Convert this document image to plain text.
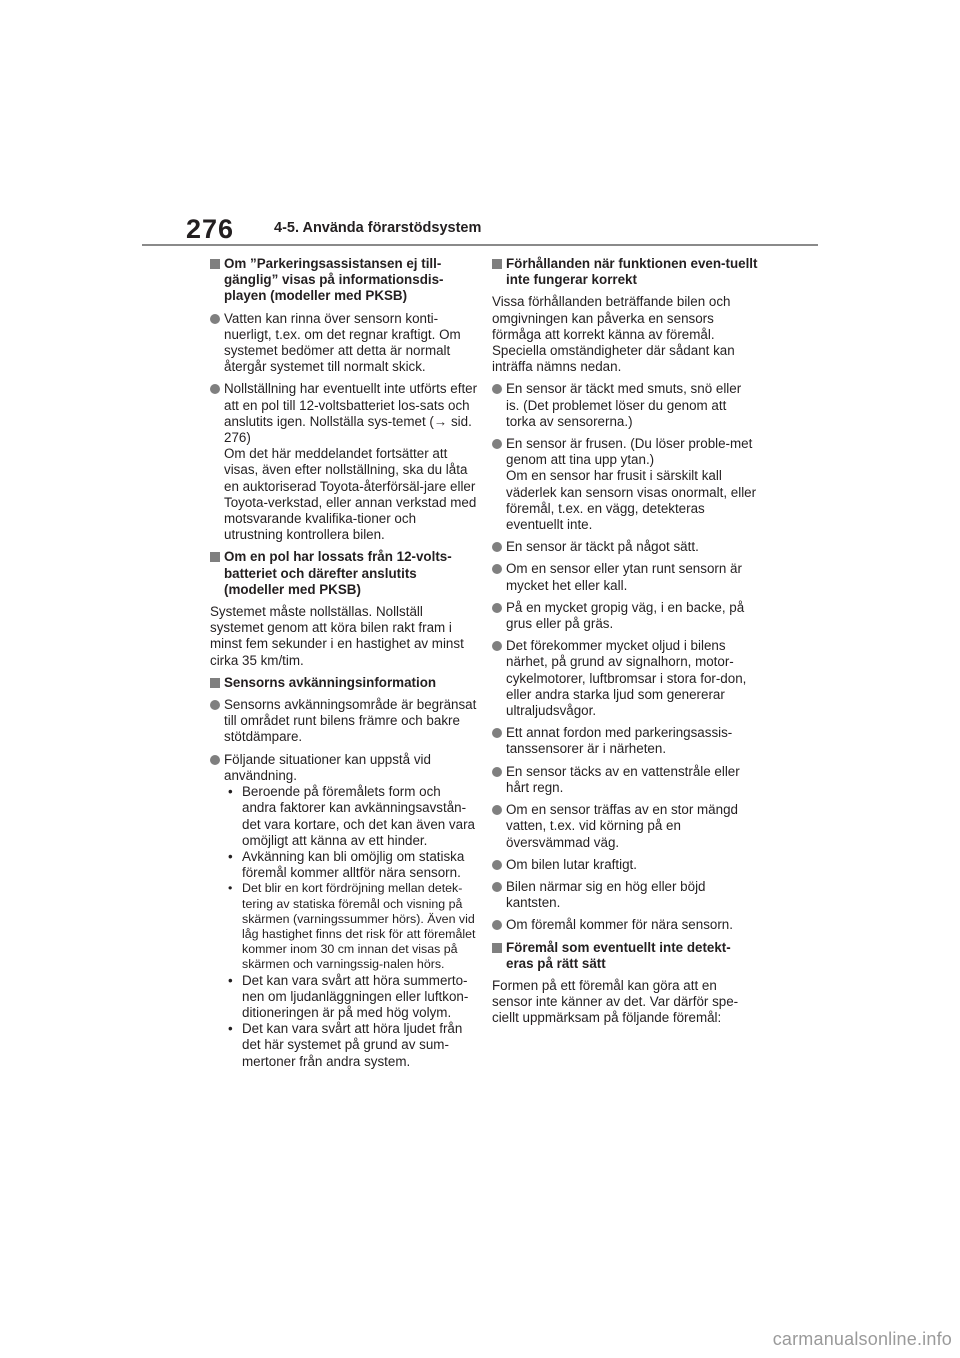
276	4-5. Använda förarstödsystem
Om ”Parkeringsassistansen ej till-gänglig” visas på informationsdis-playen (modeller med PKSB)
Vatten kan rinna över sensorn konti-nuerligt, t.ex. om det regnar kraftigt. Om systemet bedömer att detta är normalt återgår systemet till normalt skick.
Nollställning har eventuellt inte utförts efter att en pol till 12-voltsbatteriet los-sats och anslutits igen. Nollställa sys-temet (→ sid. 276)
Om det här meddelandet fortsätter att visas, även efter nollställning, ska du låta en auktoriserad Toyota-återförsäl-jare eller Toyota-verkstad, eller annan verkstad med motsvarande kvalifika-tioner och utrustning kontrollera bilen.
Om en pol har lossats från 12-volts-batteriet och därefter anslutits (modeller med PKSB)

Systemet måste nollställas. Nollställ systemet genom att köra bilen rakt fram i minst fem sekunder i en hastighet av minst cirka 35 km/tim.

Sensorns avkänningsinformation
Sensorns avkänningsområde är begränsat till området runt bilens främre och bakre stötdämpare.
Följande situationer kan uppstå vid användning.
• Beroende på föremålets form och andra faktorer kan avkänningsavstån-det vara kortare, och det kan även vara omöjligt att känna av ett hinder.
• Avkänning kan bli omöjlig om statiska föremål kommer alltför nära sensorn.
• Det blir en kort fördröjning mellan detek-tering av statiska föremål och visning på skärmen (varningssummer hörs). Även vid låg hastighet finns det risk för att föremålet kommer inom 30 cm innan det visas på skärmen och varningssig-nalen hörs.
• Det kan vara svårt att höra summerto-nen om ljudanläggningen eller luftkon-ditioneringen är på med hög volym.
• Det kan vara svårt att höra ljudet från det här systemet på grund av sum-mertoner från andra system.
Förhållanden när funktionen even-tuellt inte fungerar korrekt

Vissa förhållanden beträffande bilen och omgivningen kan påverka en sensors förmåga att korrekt känna av föremål. Speciella omständigheter där sådant kan inträffa nämns nedan.

En sensor är täckt med smuts, snö eller is. (Det problemet löser du genom att torka av sensorerna.)
En sensor är frusen. (Du löser proble-met genom att tina upp ytan.)
Om en sensor har frusit i särskilt kall väderlek kan sensorn visas onormalt, eller föremål, t.ex. en vägg, detekteras eventuellt inte.
En sensor är täckt på något sätt.
Om en sensor eller ytan runt sensorn är mycket het eller kall.
På en mycket gropig väg, i en backe, på grus eller på gräs.
Det förekommer mycket oljud i bilens närhet, på grund av signalhorn, motor-cykelmotorer, luftbromsar i stora for-don, eller andra starka ljud som genererar ultraljudsvågor.
Ett annat fordon med parkeringsassis-tanssensorer är i närheten.
En sensor täcks av en vattenstråle eller hårt regn.
Om en sensor träffas av en stor mängd vatten, t.ex. vid körning på en översvämmad väg.
Om bilen lutar kraftigt.
Bilen närmar sig en hög eller böjd kantsten.
Om föremål kommer för nära sensorn.
Föremål som eventuellt inte detekt-eras på rätt sätt

Formen på ett föremål kan göra att en sensor inte känner av det. Var därför spe-ciellt uppmärksam på följande föremål:

carmanualsonline.info
